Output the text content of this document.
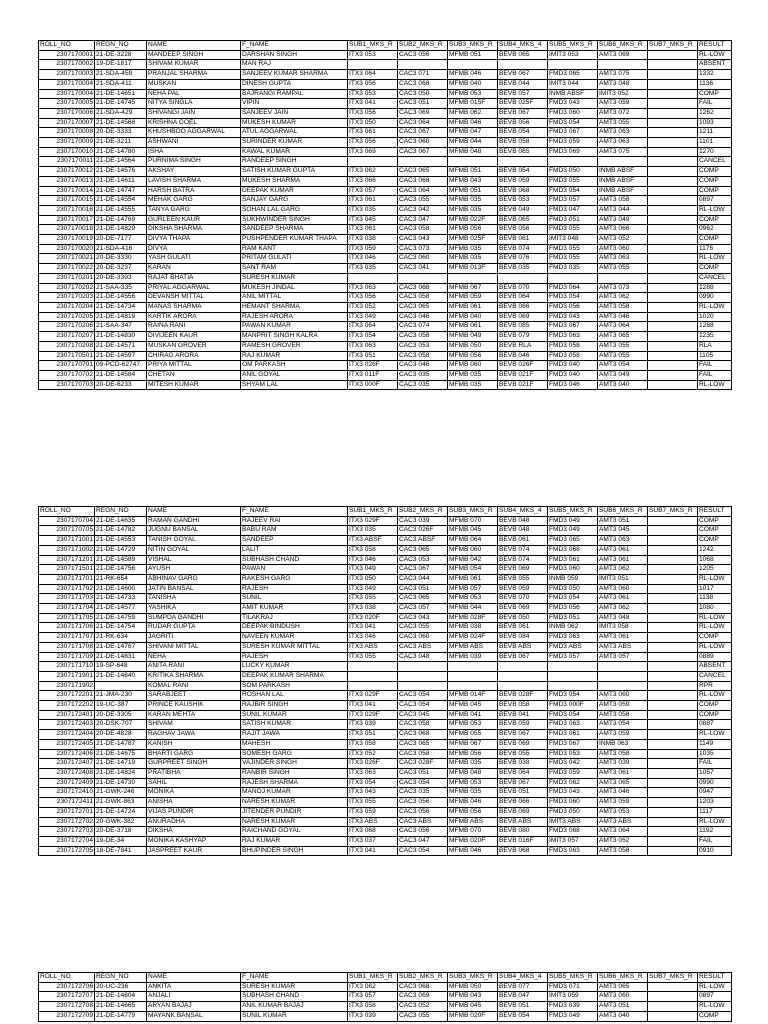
ROLL_NO	REGN_NO	NAME	F_NAME	SUB1_MKS_R	SUB2_MKS_R	SUB3_MKS_R	SUB4_MKS_4	SUB5_MKS_R	SUB6_MKS_R	SUB7_MKS_R	RESULT
2307170001	21-DE-3228	MANDEEP SINGH	DARSHAN SINGH	ITX3 053	CAC3 056	MFMB 051	BEVB 065	IMIT3 053	AMT3 069		RL-LOW
2307170002	19-DE-1817	SHIVAM KUMAR	MAN RAJ								ABSENT
2307170003	21-SDA-459	PRANJAL SHARMA	SANJEEV KUMAR SHARMA	ITX3 064	CAC3 071	MFMB 046	BEVB 067	FMD3 065	AMT3 075		1332
2307170004	21-SDA-411	MUSKAN	DINESH GUPTA	ITX3 056	CAC3 068	MFMB 040	BEVB 044	IMIT3 044	AMT3 048		1136
2307170004	21-DE-14651	NEHA PAL	BAJRANGI RAMPAL	ITX3 053	CAC3 050	MFMB 053	BEVB 057	INMB ABSF	IMIT3 052		COMP
2307170005	21-DE-14745	NITYA SINGLA	VIPIN	ITX3 041	CAC3 051	MFMB 015F	BEVB 025F	FMD3 043	AMT3 059		FAIL
2307170006	21-SDA-429	SHIVANGI JAIN	SANJEEV JAIN	ITX3 056	CAC3 069	MFMB 062	BEVB 067	FMD3 060	AMT3 072		1262
2307170007	21-DE-14568	KRISHNA GOEL	MUKESH KUMAR	ITX3 050	CAC3 064	MFMB 046	BEVB 056	FMD3 054	AMT3 055		1093
2307170008	20-DE-3333	KHUSHBOO AGGARWAL	ATUL AGGARWAL	ITX3 061	CAC3 067	MFMB 047	BEVB 054	FMD3 067	AMT3 063		1211
2307170009	21-DE-3211	ASHWANI	SURINDER KUMAR	ITX3 056	CAC3 060	MFMB 044	BEVB 058	FMD3 059	AMT3 063		1101
2307170010	21-DE-14780	ISHA	KAWAL KUMAR	ITX3 069	CAC3 067	MFMB 048	BEVB 065	FMD3 069	AMT3 075		1270
2307170011	21-DE-14564	PURNIMA SINGH	RANDEEP SINGH								CANCEL
2307170012	21-DE-14576	AKSHAY	SATISH KUMAR GUPTA	ITX3 062	CAC3 065	MFMB 051	BEVB 054	FMD3 050	INMB ABSF		COMP
2307170013	21-DE-14611	LAVISH SHARMA	MUKESH SHARMA	ITX3 066	CAC3 068	MFMB 043	BEVB 059	FMD3 055	INMB ABSF		COMP
2307170014	21-DE-14747	HARSH BATRA	DEEPAK KUMAR	ITX3 057	CAC3 064	MFMB 051	BEVB 068	FMD3 054	INMB ABSF		COMP
2307170015	21-DE-14554	MEHAK GARG	SANJAY GARG	ITX3 061	CAC3 055	MFMB 035	BEVB 053	FMD3 057	AMT3 058		0897
2307170016	21-DE-14555	TANYA GARG	SOHAN LAL GARG	ITX3 035	CAC3 042	MFMB 035	BEVB 049	FMD3 047	AMT3 044		RL-LOW
2307170017	21-DE-14769	GURLEEN KAUR	SUKHWINDER SINGH	ITX3 045	CAC3 047	MFMB 022F	BEVB 065	FMD3 051	AMT3 049		COMP
2307170018	21-DE-14829	DIKSHA SHARMA	SANDEEP SHARMA	ITX3 061	CAC3 058	MFMB 056	BEVB 056	FMD3 055	AMT3 066		0962
2307170019	20-DE-7177	DIVYA THAPA	PUSHPENDER KUMAR THAPA	ITX3 038	CAC3 043	MFMB 025F	BEVB 061	IMIT3 048	AMT3 052		COMP
2307170020	21-SDA-416	DIVYA	RAM KANT	ITX3 059	CAC3 073	MFMB 035	BEVB 074	FMD3 055	AMT3 060		1176
2307170021	20-DE-3330	YASH GULATI	PRITAM GULATI	ITX3 046	CAC3 060	MFMB 035	BEVB 076	FMD3 055	AMT3 063		RL-LOW
2307170022	20-DE-3237	KARAN	SANT RAM	ITX3 035	CAC3 041	MFMB 013F	BEVB 035	FMD3 035	AMT3 055		COMP
2307170201	20-DE-3393	RAJAT BHATIA	SURESH KUMAR								CANCEL
2307170202	21-SAA-335	PRIYAL AGGARWAL	MUKESH JINDAL	ITX3 063	CAC3 068	MFMB 067	BEVB 070	FMD3 064	AMT3 073		1288
2307170203	21-DE-14556	DEVANSH MITTAL	ANIL MITTAL	ITX3 056	CAC3 058	MFMB 059	BEVB 064	FMD3 054	AMT3 062		0990
2307170204	21-DE-14734	MANAS SHARMA	HEMANT SHARMA	ITX3 052	CAC3 065	MFMB 061	BEVB 066	FMD3 056	AMT3 058		RL-LOW
2307170205	21-DE-14819	KARTIK ARORA	RAJESH ARORA	ITX3 049	CAC3 046	MFMB 040	BEVB 069	FMD3 043	AMT3 046		1020
2307170206	21-SAA-347	RAINA RANI	PAWAN KUMAR	ITX3 064	CAC3 074	MFMB 061	BEVB 085	FMD3 067	AMT3 064		1288
2307170207	21-DE-14830	DIVIJEEN KAUR	MANPRIT SINGH KALRA	ITX3 054	CAC3 058	MFMB 049	BEVB 079	FMD3 063	AMT3 065		1235
2307170208	21-DE-14571	MUSKAN GROVER	RAMESH GROVER	ITX3 063	CAC3 053	MFMB 050	BEVB RLA	FMD3 058	AMT3 055		RLA
2307170501	21-DE-14597	CHIRAG ARORA	RAJ KUMAR	ITX3 051	CAC3 058	MFMB 056	BEVB 046	FMD3 058	AMT3 055		1105
2307170701	09-PCD-62747	PRIYA MITTAL	OM PARKASH	ITX3 026F	CAC3 046	MFMB 060	BEVB 026F	FMD3 040	AMT3 054		FAIL
2307170702	21-DE-14584	CHETAN	ANIL GOYAL	ITX3 011F	CAC3 035	MFMB 035	BEVB 021F	FMD3 040	AMT3 049		FAIL
2307170703	20-DE-6233	MITESH KUMAR	SHYAM LAL	ITX3 000F	CAC3 035	MFMB 035	BEVB 021F	FMD3 046	AMT3 040		RL-LOW
ROLL_NO	REGN_NO	NAME	F_NAME	SUB1_MKS_R	SUB2_MKS_R	SUB3_MKS_R	SUB4_MKS_4	SUB5_MKS_R	SUB6_MKS_R	SUB7_MKS_R	RESULT
2307170704	21-DE-14635	RAMAN GANDHI	RAJEEV RAI	ITX3 029F	CAC3 039	MFMB 070	BEVB 048	FMD3 049	AMT3 051		COMP
2307170705	21-DE-14782	JUGNU BANSAL	BABU RAM	ITX3 035	CAC3 026F	MFMB 045	BEVB 048	FMD3 049	AMT3 045		COMP
2307171001	21-DE-14553	TANISH GOYAL	SANDEEP	ITX3 ABSF	CAC3 ABSF	MFMB 064	BEVB 061	FMD3 065	AMT3 063		COMP
2307171002	21-DE-14729	NITIN GOYAL	LALIT	ITX3 058	CAC3 065	MFMB 060	BEVB 074	FMD3 068	AMT3 061		1242
2307171201	21-DE-14589	VISHAL	SUBHASH CHAND	ITX3 046	CAC3 053	MFMB 042	BEVB 074	FMD3 061	AMT3 061		1068
2307171501	21-DE-14756	AYUSH	PAWAN	ITX3 049	CAC3 067	MFMB 054	BEVB 069	FMD3 060	AMT3 062		1205
2307171701	21-RK-654	ABHINAV GARG	RAKESH GARG	ITX3 050	CAC3 044	MFMB 061	BEVB 055	INMB 059	IMIT3 051		RL-LOW
2307171702	21-DE-14600	JATIN BANSAL	RAJESH	ITX3 049	CAC3 051	MFMB 057	BEVB 059	FMD3 050	AMT3 060		1017
2307171703	21-DE-14733	TANISHA	SUNIL	ITX3 055	CAC3 065	MFMB 053	BEVB 070	FMD3 054	AMT3 061		1138
2307171704	21-DE-14577	YASHIKA	AMIT KUMAR	ITX3 038	CAC3 057	MFMB 044	BEVB 069	FMD3 056	AMT3 062		1080
2307171705	21-DE-14759	SUMPDA GANDHI	TILAKRAJ	ITX3 020F	CAC3 043	MFMB 028F	BEVB 050	FMD3 051	AMT3 048		RL-LOW
2307171706	21-DE-14754	RUDAR GUPTA	DEEPAK BINDUSH	ITX3 041	CAC3 055	MFMB 038	BEVB 061	INMB 062	IMIT3 058		RL-LOW
2307171707	21-RK-634	JAGRITI	NAVEEN KUMAR	ITX3 046	CAC3 060	MFMB 024F	BEVB 084	FMD3 063	AMT3 061		COMP
2307171708	21-DE-14767	SHIVANI MITTAL	SURESH KUMAR MITTAL	ITX3 ABS	CAC3 ABS	MFMB ABS	BEVB ABS	FMD3 ABS	AMT3 ABS		RL-LOW
2307171709	21-DE-14831	NEHA	RAJESH	ITX3 055	CAC3 048	MFMB 039	BEVB 067	FMD3 057	AMT3 057		0889
2307171710	19-SP-648	ANITA RANI	LUCKY KUMAR								ABSENT
2307171901	21-DE-14640	KRITIKA SHARMA	DEEPAK KUMAR SHARMA								CANCEL
2307171902		KOMAL RANI	SOM PARKASH								RPR
2307172201	21-JMA-230	SARABJEET	ROSHAN LAL	ITX3 029F	CAC3 054	MFMB 014F	BEVB 028F	FMD3 054	AMT3 060		RL-LOW
2307172202	19-UC-387	PRINCE KAUSHIK	RAJBIR SINGH	ITX3 041	CAC3 054	MFMB 045	BEVB 058	FMD3 000F	AMT3 059		COMP
2307172401	20-DE-3305	KARAN MEHTA	SUNIL KUMAR	ITX3 029F	CAC3 045	MFMB 041	BEVB 041	FMD3 054	AMT3 058		COMP
2307172403	20-DSK-707	SHIVAM	SATISH KUMAR	ITX3 039	CAC3 058	MFMB 053	BEVB 059	FMD3 063	AMT3 054		0887
2307172404	20-DE-4828	RAGHAV JAWA	RAJIT JAWA	ITX3 051	CAC3 068	MFMB 055	BEVB 067	FMD3 061	AMT3 059		RL-LOW
2307172405	21-DE-14787	KANISH	MAHESH	ITX3 058	CAC3 065	MFMB 067	BEVB 069	FMD3 067	INMB 063		1149
2307172406	21-DE-14675	BHARTI GARG	SOMESH GARG	ITX3 052	CAC3 058	MFMB 056	BEVB 055	FMD3 053	AMT3 058		1035
2307172407	21-DE-14719	GURPREET SINGH	VAJINDER SINGH	ITX3 026F	CAC3 028F	MFMB 035	BEVB 038	FMD3 042	AMT3 039		FAIL
2307172408	21-DE-14824	PRATIBHA	RANBIR SINGH	ITX3 063	CAC3 051	MFMB 048	BEVB 064	FMD3 059	AMT3 061		1057
2307172409	21-DE-14730	SAHIL	RAJESH SHARMA	ITX3 054	CAC3 054	MFMB 053	BEVB 067	FMD3 062	AMT3 065		0990
2307172410	21-GWK-246	MONIKA	MANOJ KUMAR	ITX3 043	CAC3 035	MFMB 035	BEVB 051	FMD3 043	AMT3 046		0947
2307172411	21-GWK-863	ANISHA	NARESH KUMAR	ITX3 055	CAC3 056	MFMB 046	BEVB 066	FMD3 060	AMT3 059		1203
2307172701	21-DE-14724	VIJAS PUNDIR	JITENDER PUNDIR	ITX3 059	CAC3 056	MFMB 056	BEVB 069	FMD3 050	AMT3 053		1117
2307172702	20-GWK-382	ANURADHA	NARESH KUMAR	ITX3 ABS	CAC3 ABS	MFMB ABS	BEVB ABS	IMIT3 ABS	AMT3 ABS		RL-LOW
2307172703	20-DE-3718	DIKSHA	RAICHAND GOYAL	ITX3 068	CAC3 056	MFMB 070	BEVB 080	FMD3 068	AMT3 064		1192
2307172704	19-DE-34	MONIKA KASHYAP	RAJ KUMAR	ITX3 037	CAC3 047	MFMB 020F	BEVB 016F	IMIT3 057	AMT3 052		FAIL
2307172705	18-DE-7841	JASPREET KAUR	BHUPINDER SINGH	ITX3 041	CAC3 054	MFMB 046	BEVB 068	FMD3 063	AMT3 058		0910
ROLL_NO	REGN_NO	NAME	F_NAME	SUB1_MKS_R	SUB2_MKS_R	SUB3_MKS_R	SUB4_MKS_4	SUB5_MKS_R	SUB6_MKS_R	SUB7_MKS_R	RESULT
2307172706	20-UC-236	ANKITA	SURESH KUMAR	ITX3 062	CAC3 068	MFMB 050	BEVB 077	FMD3 071	AMT3 065		RL-LOW
2307172707	21-DE-14604	ANJALI	SUBHASH CHAND	ITX3 057	CAC3 069	MFMB 043	BEVB 047	IMIT3 059	AMT3 060		0897
2307172708	21-DE-14665	ARYAN BAJAJ	ANIL KUMAR BAJAJ	ITX3 058	CAC3 052	MFMB 045	BEVB 051	FMD3 039	AMT3 051		RL-LOW
2307172709	21-DE-14779	MAYANK BANSAL	SUNIL KUMAR	ITX3 039	CAC3 055	MFMB 020F	BEVB 054	FMD3 049	AMT3 040		COMP
